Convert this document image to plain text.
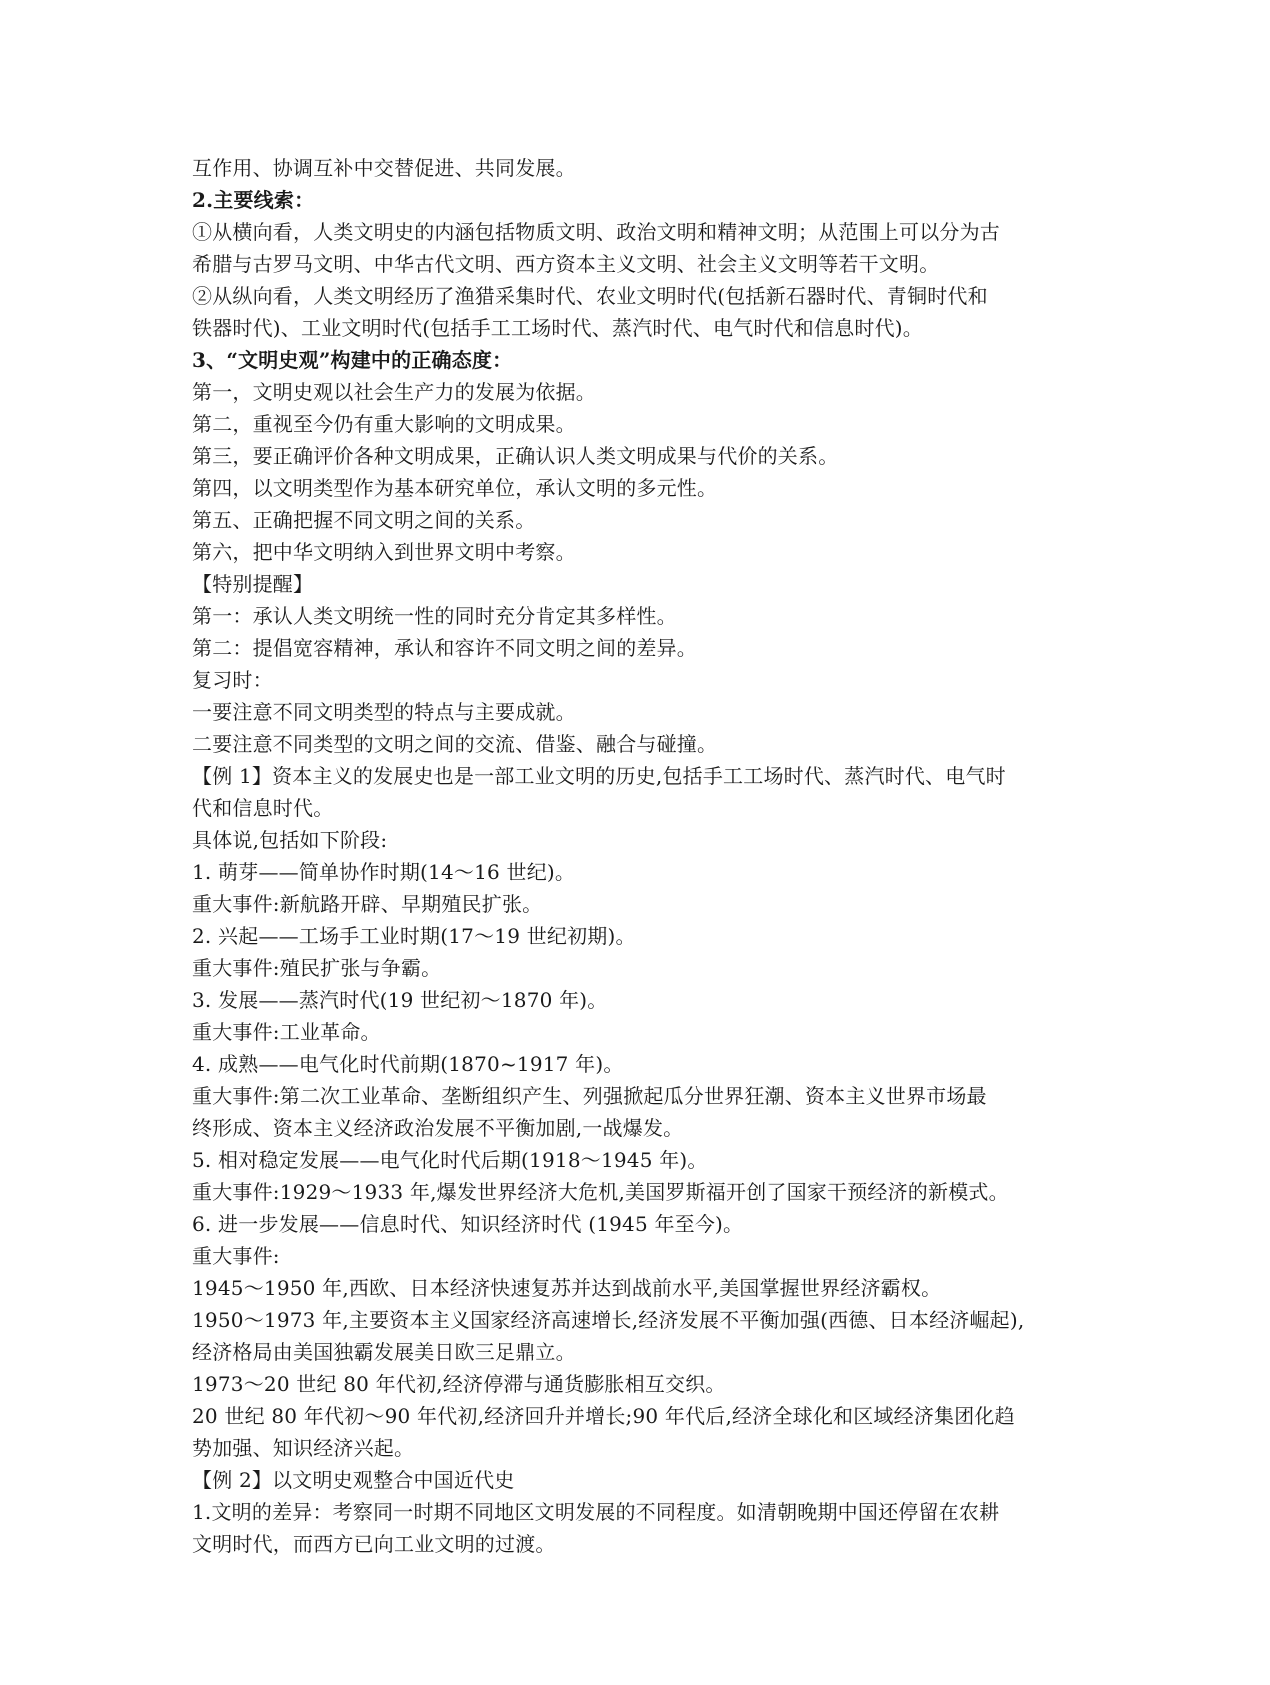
互作用、协调互补中交替促进、共同发展。
2.主要线索：
①从横向看，人类文明史的内涵包括物质文明、政治文明和精神文明；从范围上可以分为古
希腊与古罗马文明、中华古代文明、西方资本主义文明、社会主义文明等若干文明。
②从纵向看，人类文明经历了渔猎采集时代、农业文明时代(包括新石器时代、青铜时代和
铁器时代)、工业文明时代(包括手工工场时代、蒸汽时代、电气时代和信息时代)。
3、“文明史观”构建中的正确态度：
第一，文明史观以社会生产力的发展为依据。
第二，重视至今仍有重大影响的文明成果。
第三，要正确评价各种文明成果，正确认识人类文明成果与代价的关系。
第四，以文明类型作为基本研究单位，承认文明的多元性。
第五、正确把握不同文明之间的关系。
第六，把中华文明纳入到世界文明中考察。
【特别提醒】
第一：承认人类文明统一性的同时充分肯定其多样性。
第二：提倡宽容精神，承认和容许不同文明之间的差异。
复习时：
一要注意不同文明类型的特点与主要成就。
二要注意不同类型的文明之间的交流、借鉴、融合与碰撞。
【例 1】资本主义的发展史也是一部工业文明的历史,包括手工工场时代、蒸汽时代、电气时
代和信息时代。
具体说,包括如下阶段:
1. 萌芽——简单协作时期(14～16 世纪)。
重大事件:新航路开辟、早期殖民扩张。
2. 兴起——工场手工业时期(17～19 世纪初期)。
重大事件:殖民扩张与争霸。
3. 发展——蒸汽时代(19 世纪初～1870 年)。
重大事件:工业革命。
4. 成熟——电气化时代前期(1870~1917 年)。
重大事件:第二次工业革命、垄断组织产生、列强掀起瓜分世界狂潮、资本主义世界市场最
终形成、资本主义经济政治发展不平衡加剧,一战爆发。
5. 相对稳定发展——电气化时代后期(1918～1945 年)。
重大事件:1929～1933 年,爆发世界经济大危机,美国罗斯福开创了国家干预经济的新模式。
6. 进一步发展——信息时代、知识经济时代 (1945 年至今)。
重大事件:
1945～1950 年,西欧、日本经济快速复苏并达到战前水平,美国掌握世界经济霸权。
1950～1973 年,主要资本主义国家经济高速增长,经济发展不平衡加强(西德、日本经济崛起),
经济格局由美国独霸发展美日欧三足鼎立。
1973～20 世纪 80 年代初,经济停滞与通货膨胀相互交织。
20 世纪 80 年代初～90 年代初,经济回升并增长;90 年代后,经济全球化和区域经济集团化趋
势加强、知识经济兴起。
【例 2】以文明史观整合中国近代史
1.文明的差异：考察同一时期不同地区文明发展的不同程度。如清朝晚期中国还停留在农耕
文明时代，而西方已向工业文明的过渡。
